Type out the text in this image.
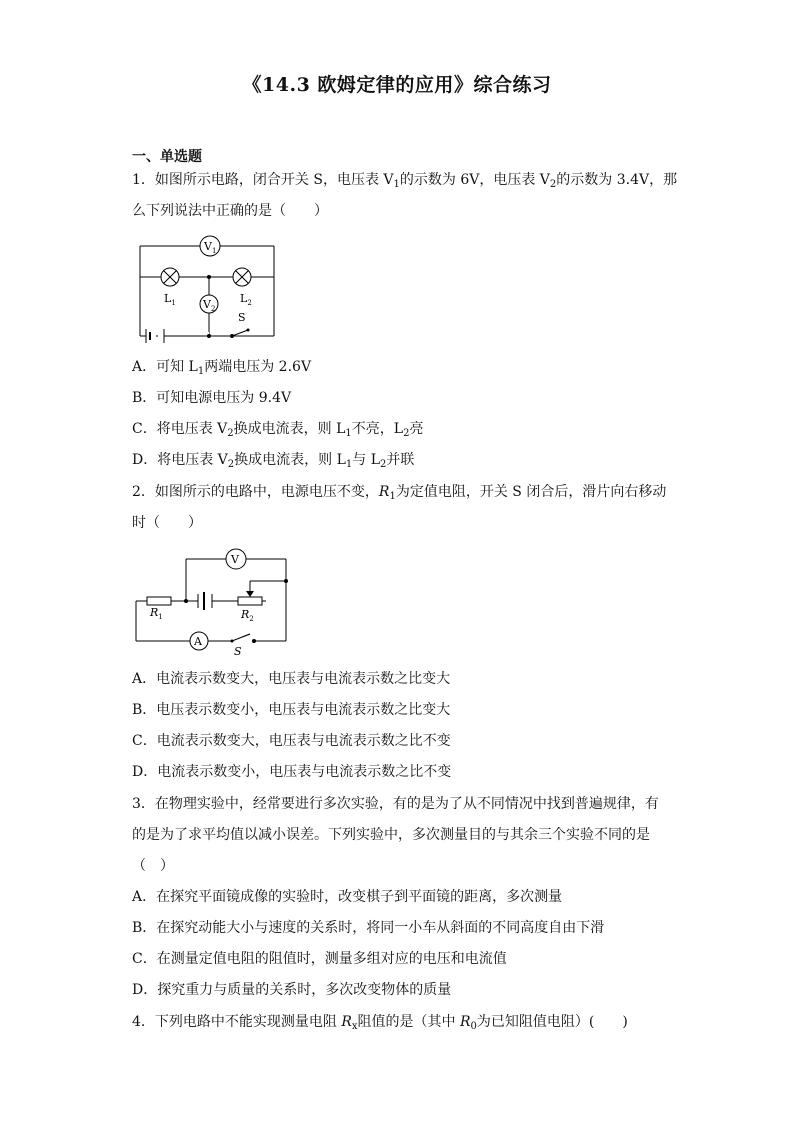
《14.3 欧姆定律的应用》综合练习
一、单选题
1．如图所示电路，闭合开关 S，电压表 $V_1$的示数为 6V，电压表 $V_2$的示数为 3.4V，那
么下列说法中正确的是（　　）
$V_1$
$V_2$
$L_1$	$L_2$
S
A．可知 $L_1$两端电压为 2.6V
B．可知电源电压为 9.4V
C．将电压表 $V_2$换成电流表，则 $L_1$不亮，$L_2$亮
D．将电压表 $V_2$换成电流表，则 $L_1$与 $L_2$并联
2．如图所示的电路中，电源电压不变，$R_1$为定值电阻，开关 S 闭合后，滑片向右移动
时（　　）
V
A
$R_1$	$R_2$
S
A．电流表示数变大，电压表与电流表示数之比变大
B．电压表示数变小，电压表与电流表示数之比变大
C．电流表示数变大，电压表与电流表示数之比不变
D．电流表示数变小，电压表与电流表示数之比不变
3．在物理实验中，经常要进行多次实验，有的是为了从不同情况中找到普遍规律，有
的是为了求平均值以减小误差。下列实验中，多次测量目的与其余三个实验不同的是
（　）
A．在探究平面镜成像的实验时，改变棋子到平面镜的距离，多次测量
B．在探究动能大小与速度的关系时，将同一小车从斜面的不同高度自由下滑
C．在测量定值电阻的阻值时，测量多组对应的电压和电流值
D．探究重力与质量的关系时，多次改变物体的质量
4．下列电路中不能实现测量电阻 $R_x$阻值的是（其中 $R_0$为已知阻值电阻）(　　)
